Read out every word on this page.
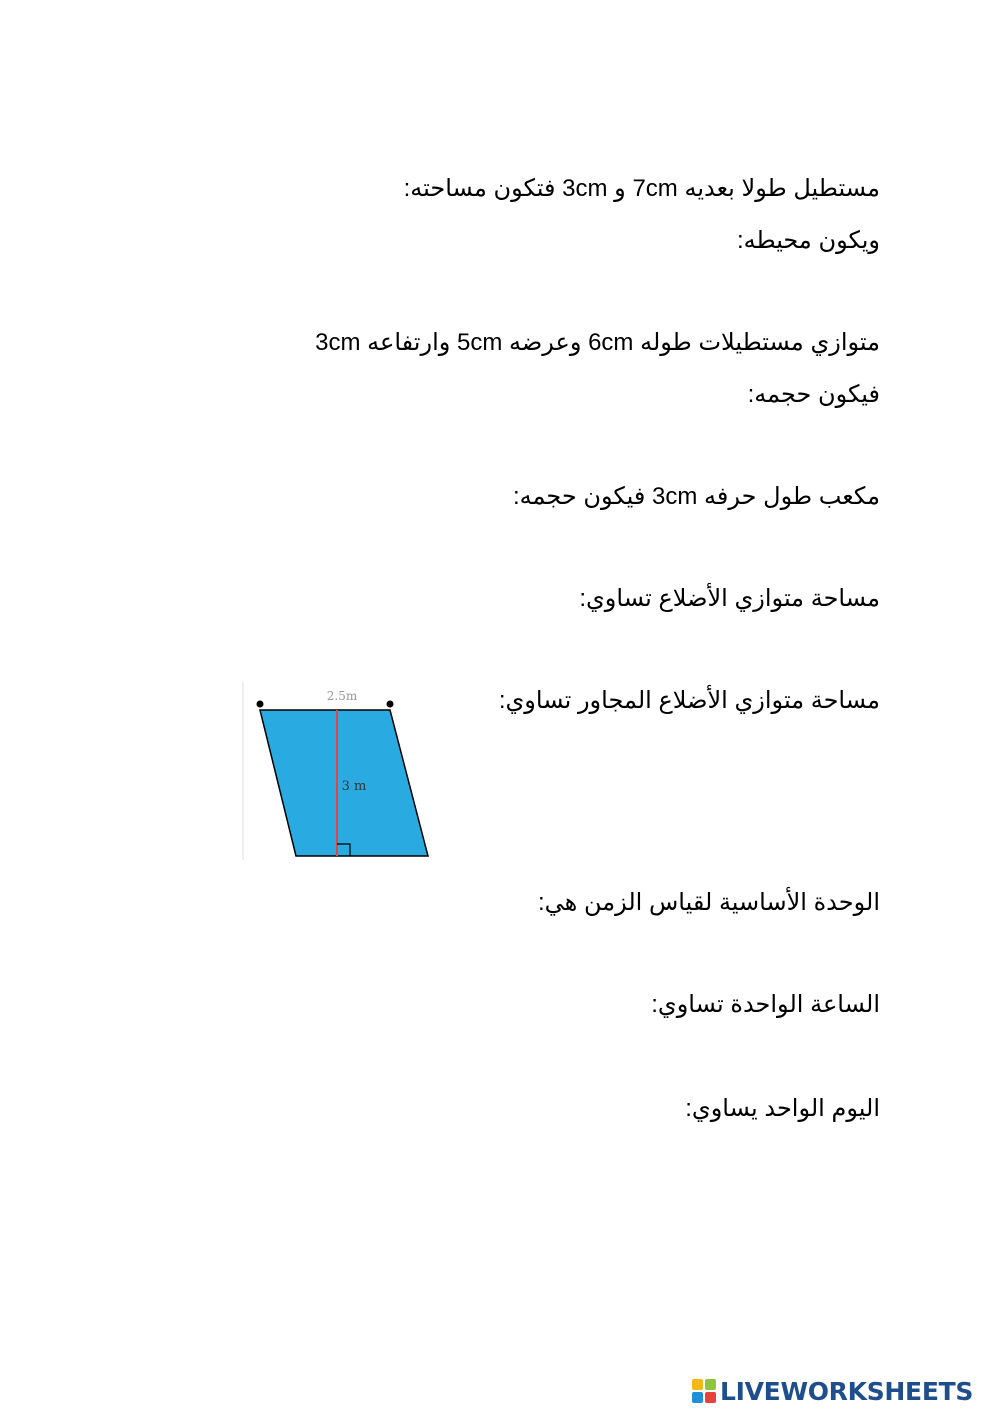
مستطيل طولا بعديه 7cm و 3cm فتكون مساحته:
ويكون محيطه:
متوازي مستطيلات طوله 6cm وعرضه 5cm وارتفاعه 3cm
فيكون حجمه:
مكعب طول حرفه 3cm فيكون حجمه:
مساحة متوازي الأضلاع تساوي:
مساحة متوازي الأضلاع المجاور تساوي:
الوحدة الأساسية لقياس الزمن هي:
الساعة الواحدة تساوي:
اليوم الواحد يساوي:
2.5m
3 m
LIVEWORKSHEETS
